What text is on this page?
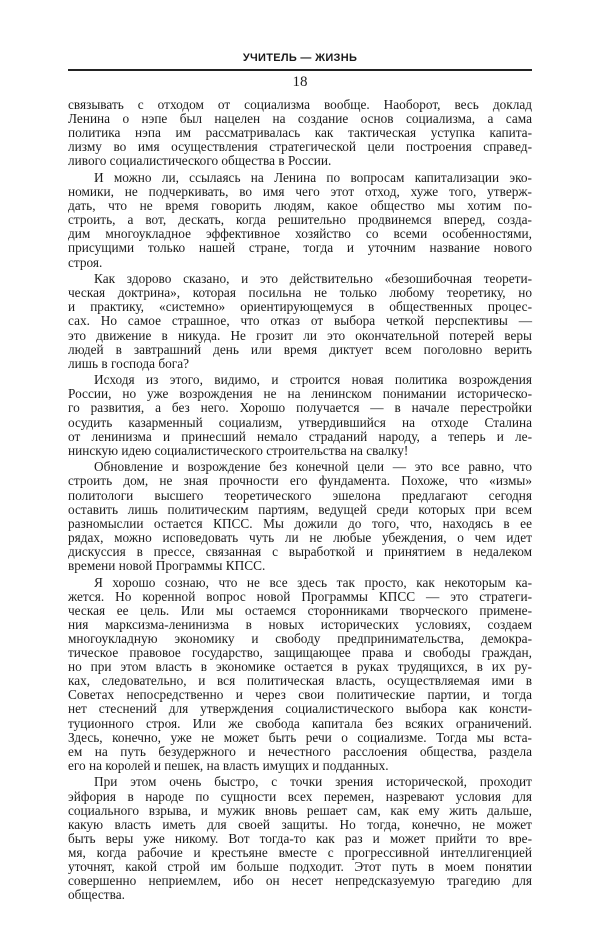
УЧИТЕЛЬ — ЖИЗНЬ
18
связывать с отходом от социализма вообще. Наоборот, весь доклад
Ленина о нэпе был нацелен на создание основ социализма, а сама
политика нэпа им рассматривалась как тактическая уступка капита-
лизму во имя осуществления стратегической цели построения справед-
ливого социалистического общества в России.
И можно ли, ссылаясь на Ленина по вопросам капитализации эко-
номики, не подчеркивать, во имя чего этот отход, хуже того, утверж-
дать, что не время говорить людям, какое общество мы хотим по-
строить, а вот, дескать, когда решительно продвинемся вперед, созда-
дим многоукладное эффективное хозяйство со всеми особенностями,
присущими только нашей стране, тогда и уточним название нового
строя.
Как здорово сказано, и это действительно «безошибочная теорети-
ческая доктрина», которая посильна не только любому теоретику, но
и практику, «системно» ориентирующемуся в общественных процес-
сах. Но самое страшное, что отказ от выбора четкой перспективы —
это движение в никуда. Не грозит ли это окончательной потерей веры
людей в завтрашний день или время диктует всем поголовно верить
лишь в господа бога?
Исходя из этого, видимо, и строится новая политика возрождения
России, но уже возрождения не на ленинском понимании историческо-
го развития, а без него. Хорошо получается — в начале перестройки
осудить казарменный социализм, утвердившийся на отходе Сталина
от ленинизма и принесший немало страданий народу, а теперь и ле-
нинскую идею социалистического строительства на свалку!
Обновление и возрождение без конечной цели — это все равно, что
строить дом, не зная прочности его фундамента. Похоже, что «измы»
политологи высшего теоретического эшелона предлагают сегодня
оставить лишь политическим партиям, ведущей среди которых при всем
разномыслии остается КПСС. Мы дожили до того, что, находясь в ее
рядах, можно исповедовать чуть ли не любые убеждения, о чем идет
дискуссия в прессе, связанная с выработкой и принятием в недалеком
времени новой Программы КПСС.
Я хорошо сознаю, что не все здесь так просто, как некоторым ка-
жется. Но коренной вопрос новой Программы КПСС — это стратеги-
ческая ее цель. Или мы остаемся сторонниками творческого примене-
ния марксизма-ленинизма в новых исторических условиях, создаем
многоукладную экономику и свободу предпринимательства, демокра-
тическое правовое государство, защищающее права и свободы граждан,
но при этом власть в экономике остается в руках трудящихся, в их ру-
ках, следовательно, и вся политическая власть, осуществляемая ими в
Советах непосредственно и через свои политические партии, и тогда
нет стеснений для утверждения социалистического выбора как консти-
туционного строя. Или же свобода капитала без всяких ограничений.
Здесь, конечно, уже не может быть речи о социализме. Тогда мы вста-
ем на путь безудержного и нечестного расслоения общества, раздела
его на королей и пешек, на власть имущих и подданных.
При этом очень быстро, с точки зрения исторической, проходит
эйфория в народе по сущности всех перемен, назревают условия для
социального взрыва, и мужик вновь решает сам, как ему жить дальше,
какую власть иметь для своей защиты. Но тогда, конечно, не может
быть веры уже никому. Вот тогда-то как раз и может прийти то вре-
мя, когда рабочие и крестьяне вместе с прогрессивной интеллигенцией
уточнят, какой строй им больше подходит. Этот путь в моем понятии
совершенно неприемлем, ибо он несет непредсказуемую трагедию для
общества.
